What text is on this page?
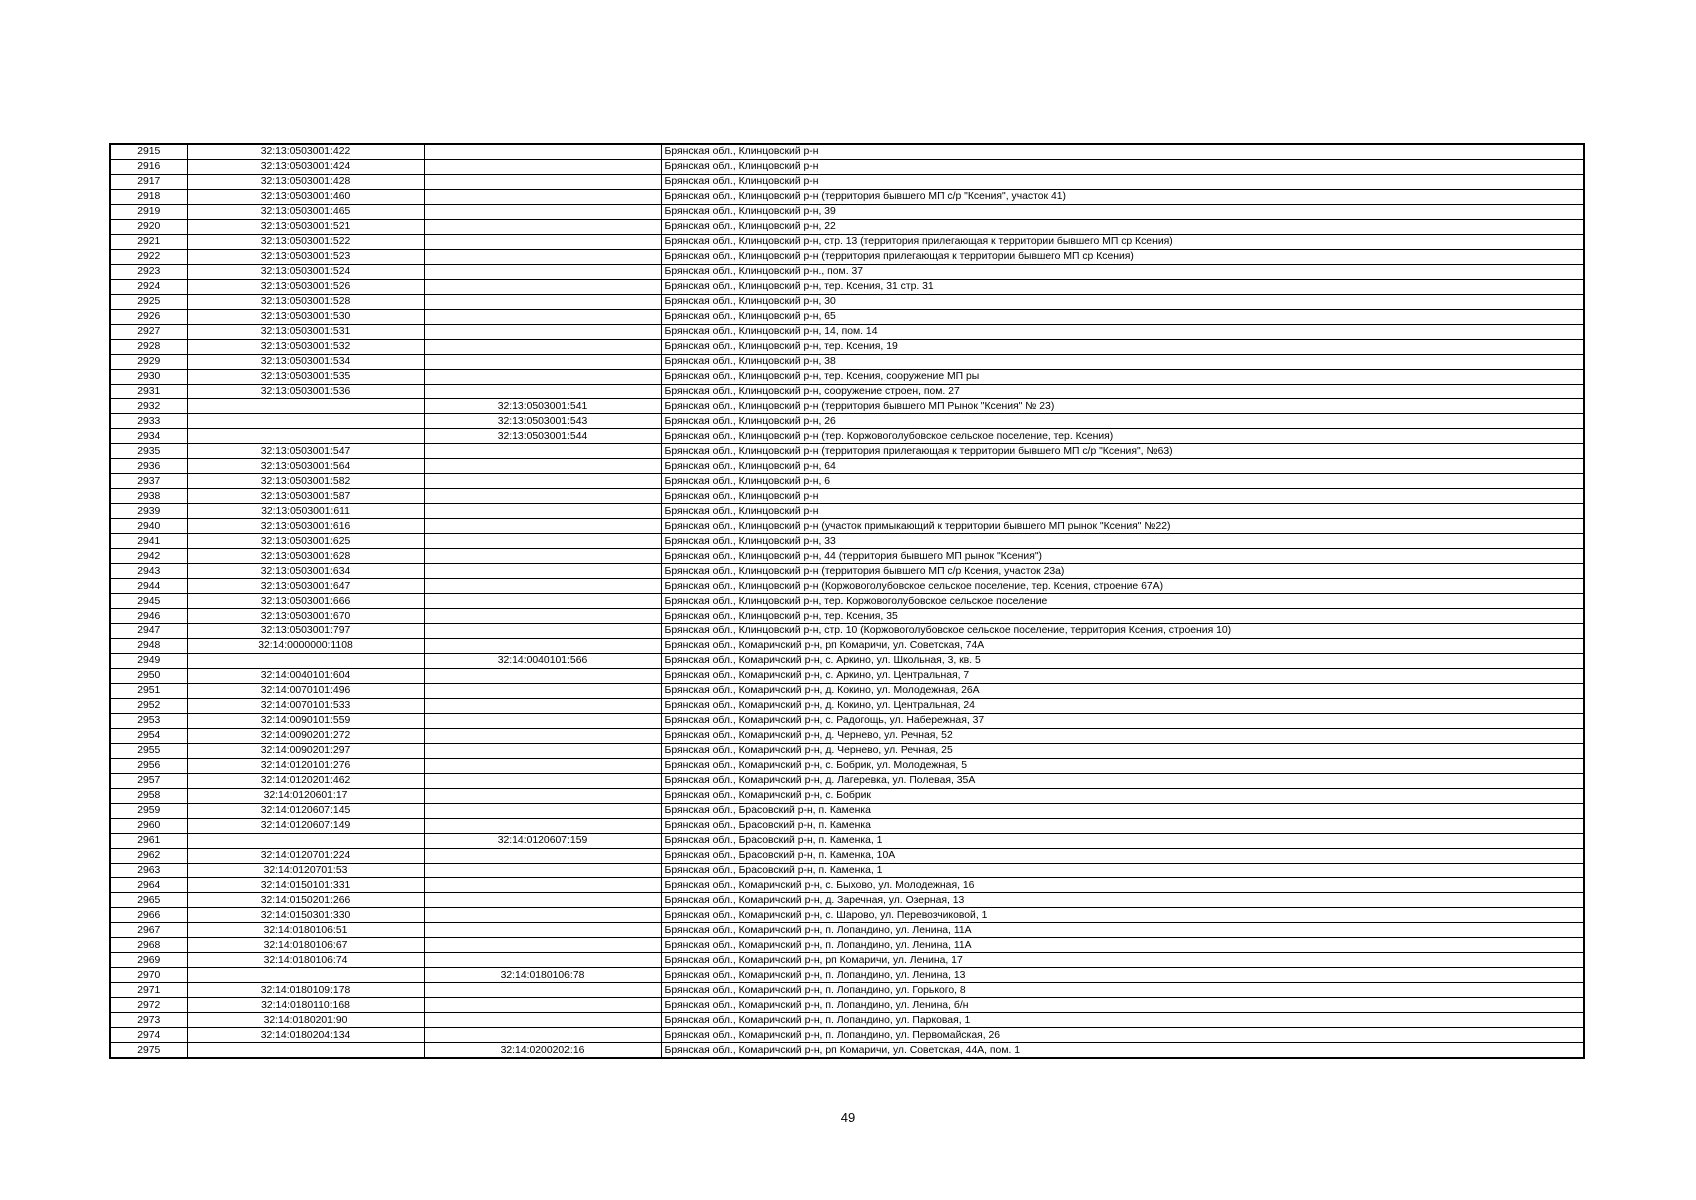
2915	32:13:0503001:422		Брянская обл., Клинцовский р-н
2916	32:13:0503001:424		Брянская обл., Клинцовский р-н
2917	32:13:0503001:428		Брянская обл., Клинцовский р-н
2918	32:13:0503001:460		Брянская обл., Клинцовский р-н (территория бывшего МП с/р "Ксения", участок 41)
2919	32:13:0503001:465		Брянская обл., Клинцовский р-н, 39
2920	32:13:0503001:521		Брянская обл., Клинцовский р-н, 22
2921	32:13:0503001:522		Брянская обл., Клинцовский р-н, стр. 13 (территория прилегающая к территории бывшего МП ср Ксения)
2922	32:13:0503001:523		Брянская обл., Клинцовский р-н (территория прилегающая к территории бывшего МП ср Ксения)
2923	32:13:0503001:524		Брянская обл., Клинцовский р-н., пом. 37
2924	32:13:0503001:526		Брянская обл., Клинцовский р-н, тер. Ксения, 31 стр. 31
2925	32:13:0503001:528		Брянская обл., Клинцовский р-н, 30
2926	32:13:0503001:530		Брянская обл., Клинцовский р-н, 65
2927	32:13:0503001:531		Брянская обл., Клинцовский р-н, 14, пом. 14
2928	32:13:0503001:532		Брянская обл., Клинцовский р-н, тер. Ксения, 19
2929	32:13:0503001:534		Брянская обл., Клинцовский р-н, 38
2930	32:13:0503001:535		Брянская обл., Клинцовский р-н, тер. Ксения, сооружение МП ры
2931	32:13:0503001:536		Брянская обл., Клинцовский р-н, сооружение строен, пом. 27
2932		32:13:0503001:541	Брянская обл., Клинцовский р-н (территория бывшего МП Рынок "Ксения" № 23)
2933		32:13:0503001:543	Брянская обл., Клинцовский р-н, 26
2934		32:13:0503001:544	Брянская обл., Клинцовский р-н (тер. Коржовоголубовское сельское поселение, тер. Ксения)
2935	32:13:0503001:547		Брянская обл., Клинцовский р-н (территория прилегающая к территории бывшего МП с/р "Ксения", №63)
2936	32:13:0503001:564		Брянская обл., Клинцовский р-н, 64
2937	32:13:0503001:582		Брянская обл., Клинцовский р-н, 6
2938	32:13:0503001:587		Брянская обл., Клинцовский р-н
2939	32:13:0503001:611		Брянская обл., Клинцовский р-н
2940	32:13:0503001:616		Брянская обл., Клинцовский р-н (участок примыкающий к территории бывшего МП рынок "Ксения" №22)
2941	32:13:0503001:625		Брянская обл., Клинцовский р-н, 33
2942	32:13:0503001:628		Брянская обл., Клинцовский р-н, 44 (территория бывшего МП рынок "Ксения")
2943	32:13:0503001:634		Брянская обл., Клинцовский р-н (территория бывшего МП с/р Ксения, участок 23а)
2944	32:13:0503001:647		Брянская обл., Клинцовский р-н (Коржовоголубовское сельское поселение, тер. Ксения, строение 67А)
2945	32:13:0503001:666		Брянская обл., Клинцовский р-н, тер. Коржовоголубовское сельское поселение
2946	32:13:0503001:670		Брянская обл., Клинцовский р-н, тер. Ксения, 35
2947	32:13:0503001:797		Брянская обл., Клинцовский р-н, стр. 10 (Коржовоголубовское сельское поселение, территория Ксения, строения 10)
2948	32:14:0000000:1108		Брянская обл., Комаричский р-н, рп Комаричи, ул. Советская, 74А
2949		32:14:0040101:566	Брянская обл., Комаричский р-н, с. Аркино, ул. Школьная, 3, кв. 5
2950	32:14:0040101:604		Брянская обл., Комаричский р-н, с. Аркино, ул. Центральная, 7
2951	32:14:0070101:496		Брянская обл., Комаричский р-н, д. Кокино, ул. Молодежная, 26А
2952	32:14:0070101:533		Брянская обл., Комаричский р-н, д. Кокино, ул. Центральная, 24
2953	32:14:0090101:559		Брянская обл., Комаричский р-н, с. Радогощь, ул. Набережная, 37
2954	32:14:0090201:272		Брянская обл., Комаричский р-н, д. Чернево, ул. Речная, 52
2955	32:14:0090201:297		Брянская обл., Комаричский р-н, д. Чернево, ул. Речная, 25
2956	32:14:0120101:276		Брянская обл., Комаричский р-н, с. Бобрик, ул. Молодежная, 5
2957	32:14:0120201:462		Брянская обл., Комаричский р-н, д. Лагеревка, ул. Полевая, 35А
2958	32:14:0120601:17		Брянская обл., Комаричский р-н, с. Бобрик
2959	32:14:0120607:145		Брянская обл., Брасовский р-н, п. Каменка
2960	32:14:0120607:149		Брянская обл., Брасовский р-н, п. Каменка
2961		32:14:0120607:159	Брянская обл., Брасовский р-н, п. Каменка, 1
2962	32:14:0120701:224		Брянская обл., Брасовский р-н, п. Каменка, 10А
2963	32:14:0120701:53		Брянская обл., Брасовский р-н, п. Каменка, 1
2964	32:14:0150101:331		Брянская обл., Комаричский р-н, с. Быхово, ул. Молодежная, 16
2965	32:14:0150201:266		Брянская обл., Комаричский р-н, д. Заречная, ул. Озерная, 13
2966	32:14:0150301:330		Брянская обл., Комаричский р-н, с. Шарово, ул. Перевозчиковой, 1
2967	32:14:0180106:51		Брянская обл., Комаричский р-н, п. Лопандино, ул. Ленина, 11А
2968	32:14:0180106:67		Брянская обл., Комаричский р-н, п. Лопандино, ул. Ленина, 11А
2969	32:14:0180106:74		Брянская обл., Комаричский р-н, рп Комаричи, ул. Ленина, 17
2970		32:14:0180106:78	Брянская обл., Комаричский р-н, п. Лопандино, ул. Ленина, 13
2971	32:14:0180109:178		Брянская обл., Комаричский р-н, п. Лопандино, ул. Горького, 8
2972	32:14:0180110:168		Брянская обл., Комаричский р-н, п. Лопандино, ул. Ленина, б/н
2973	32:14:0180201:90		Брянская обл., Комаричский р-н, п. Лопандино, ул. Парковая, 1
2974	32:14:0180204:134		Брянская обл., Комаричский р-н, п. Лопандино, ул. Первомайская, 26
2975		32:14:0200202:16	Брянская обл., Комаричский р-н, рп Комаричи, ул. Советская, 44А, пом. 1
49
